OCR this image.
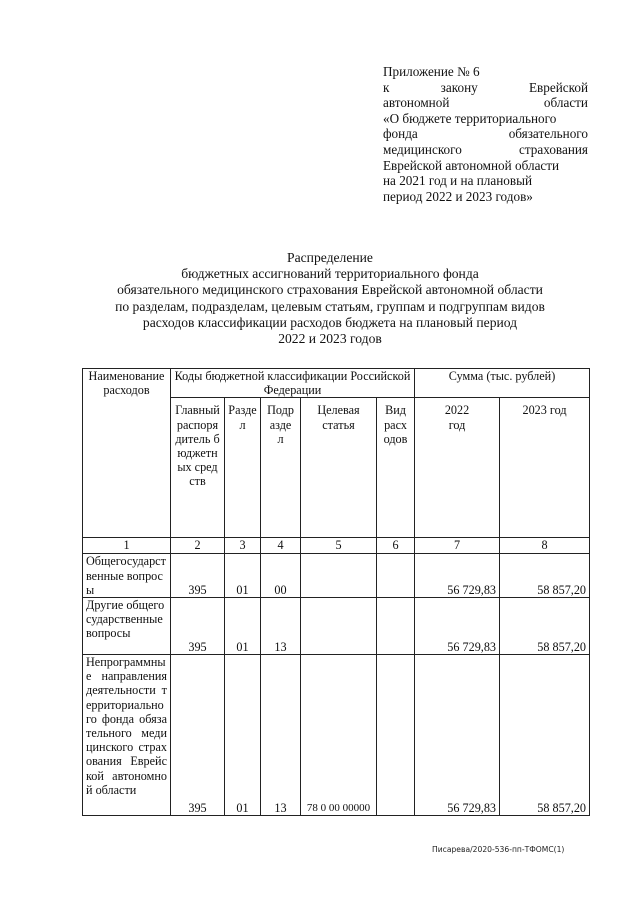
Приложение № 6
к	закону	Еврейской
автономной	области
«О бюджете территориального
фонда	обязательного
медицинского	страхования
Еврейской автономной области
на 2021 год и на плановый
период 2022 и 2023 годов»
Распределение
бюджетных ассигнований территориального фонда
обязательного медицинского страхования Еврейской автономной области
по разделам, подразделам, целевым статьям, группам и подгруппам видов
расходов классификации расходов бюджета на плановый период
2022 и 2023 годов
Наименование расходов	Коды бюджетной классификации Российской Федерации					Сумма (тыс. рублей)	
	Главный распорядитель бюджетных средств	Раздел	Подраздел	Целевая статья	Вид расходов	2022 год	2023 год
1	2	3	4	5	6	7	8
Общегосударственные вопросы	395	01	00			56 729,83	58 857,20
Другие общегосударственные вопросы	395	01	13			56 729,83	58 857,20
Непрограммные направления деятельности территориального фонда обязательного медицинского страхования Еврейской автономной области	395	01	13	78 0 00 00000		56 729,83	58 857,20
Писарева/2020-536-пп-ТФОМС(1)
